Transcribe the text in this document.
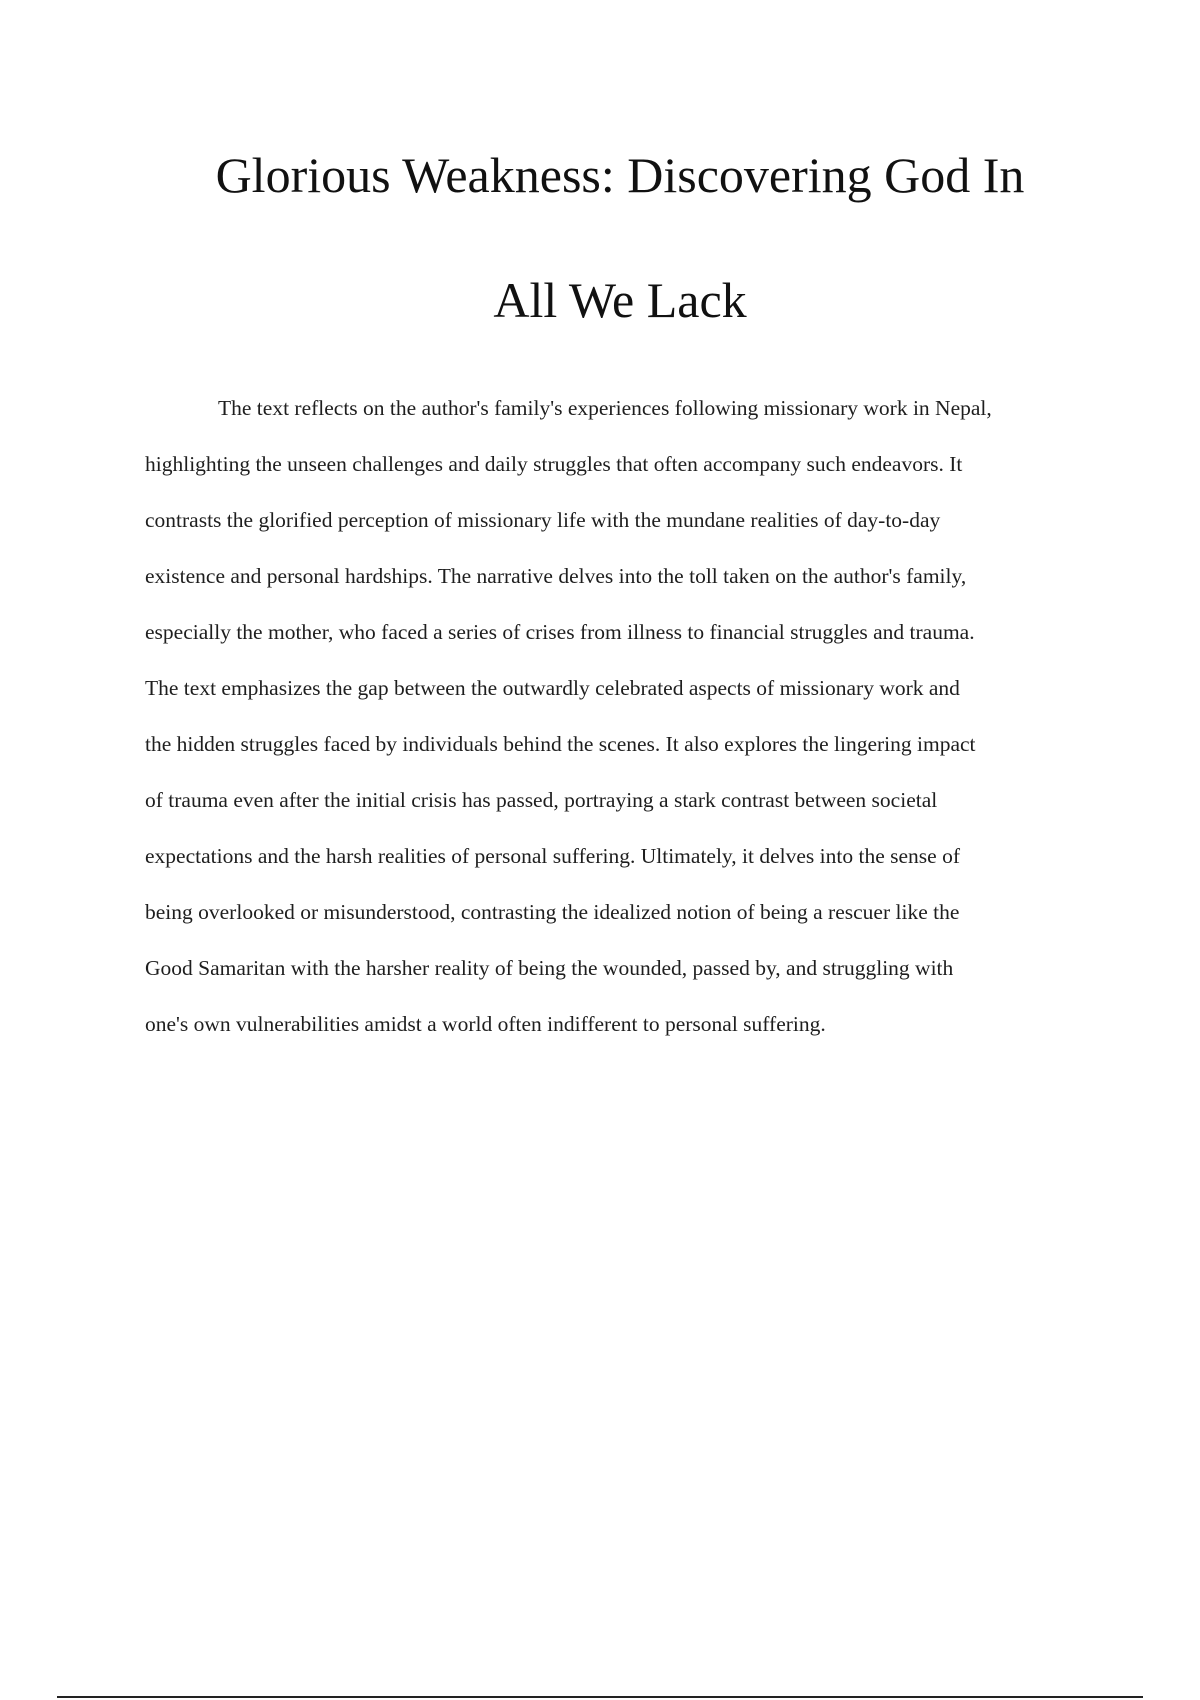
Glorious Weakness: Discovering God In
All We Lack

The text reflects on the author's family's experiences following missionary work in Nepal,
highlighting the unseen challenges and daily struggles that often accompany such endeavors. It
contrasts the glorified perception of missionary life with the mundane realities of day-to-day
existence and personal hardships. The narrative delves into the toll taken on the author's family,
especially the mother, who faced a series of crises from illness to financial struggles and trauma.
The text emphasizes the gap between the outwardly celebrated aspects of missionary work and
the hidden struggles faced by individuals behind the scenes. It also explores the lingering impact
of trauma even after the initial crisis has passed, portraying a stark contrast between societal
expectations and the harsh realities of personal suffering. Ultimately, it delves into the sense of
being overlooked or misunderstood, contrasting the idealized notion of being a rescuer like the
Good Samaritan with the harsher reality of being the wounded, passed by, and struggling with
one's own vulnerabilities amidst a world often indifferent to personal suffering.
